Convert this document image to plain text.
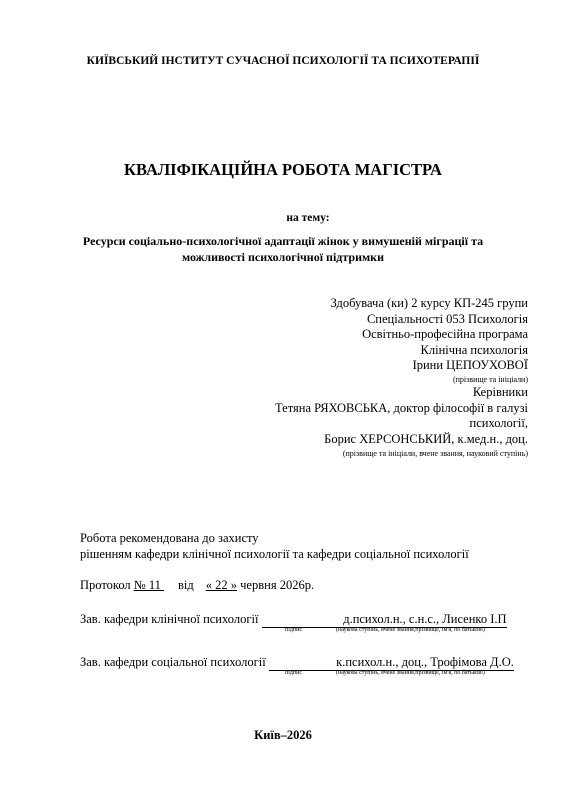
КИЇВСЬКИЙ ІНСТИТУТ СУЧАСНОЇ ПСИХОЛОГІЇ ТА ПСИХОТЕРАПІЇ
КВАЛІФІКАЦІЙНА РОБОТА МАГІСТРА
на тему:
Ресурси соціально-психологічної адаптації жінок у вимушеній міграції та
можливості психологічної підтримки
Здобувача (ки) 2 курсу КП-245 групи
Спеціальності 053 Психологія
Освітньо-професійна програма
Клінічна психологія
Ірини ЦЕПОУХОВОЇ
(прізвище та ініціали)
Керівники
Тетяна РЯХОВСЬКА, доктор філософії в галузі
психології,
Борис ХЕРСОНСЬКИЙ, к.мед.н., доц.
(прізвище та ініціали, вчене звання, науковий ступінь)
Робота рекомендована до захисту
рішенням кафедри клінічної психології та кафедри соціальної психології
Протокол № 11 від « 22 » червня 2026р.
Зав. кафедри клінічної психології	д.психол.н., с.н.с., Лисенко І.П
підпис	(наукова ступінь, вчене звання,прізвище, ім'я, по батькові)
Зав. кафедри соціальної психології	к.психол.н., доц., Трофімова Д.О.
підпис	(наукова ступінь, вчене звання,прізвище, ім'я, по батькові)
Київ–2026
